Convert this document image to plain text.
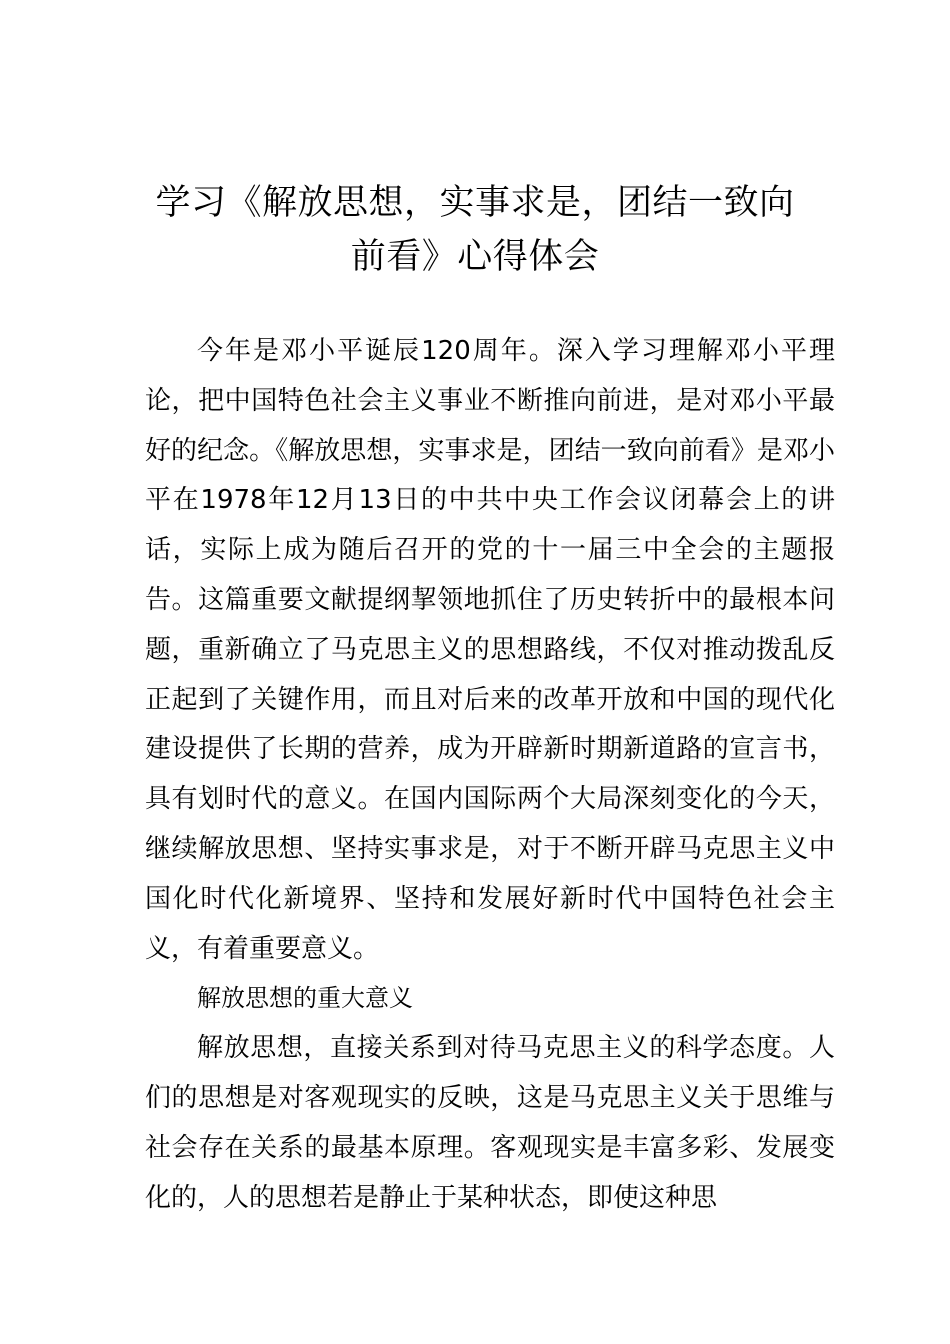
学习《解放思想，实事求是，团结一致向
前看》心得体会

今年是邓小平诞辰120周年。深入学习理解邓小平理论，把中国特色社会主义事业不断推向前进，是对邓小平最好的纪念。《解放思想，实事求是，团结一致向前看》是邓小平在1978年12月13日的中共中央工作会议闭幕会上的讲话，实际上成为随后召开的党的十一届三中全会的主题报告。这篇重要文献提纲挈领地抓住了历史转折中的最根本问题，重新确立了马克思主义的思想路线，不仅对推动拨乱反正起到了关键作用，而且对后来的改革开放和中国的现代化建设提供了长期的营养，成为开辟新时期新道路的宣言书，具有划时代的意义。在国内国际两个大局深刻变化的今天，继续解放思想、坚持实事求是，对于不断开辟马克思主义中国化时代化新境界、坚持和发展好新时代中国特色社会主义，有着重要意义。

解放思想的重大意义

解放思想，直接关系到对待马克思主义的科学态度。人们的思想是对客观现实的反映，这是马克思主义关于思维与社会存在关系的最基本原理。客观现实是丰富多彩、发展变化的，人的思想若是静止于某种状态，即使这种思
